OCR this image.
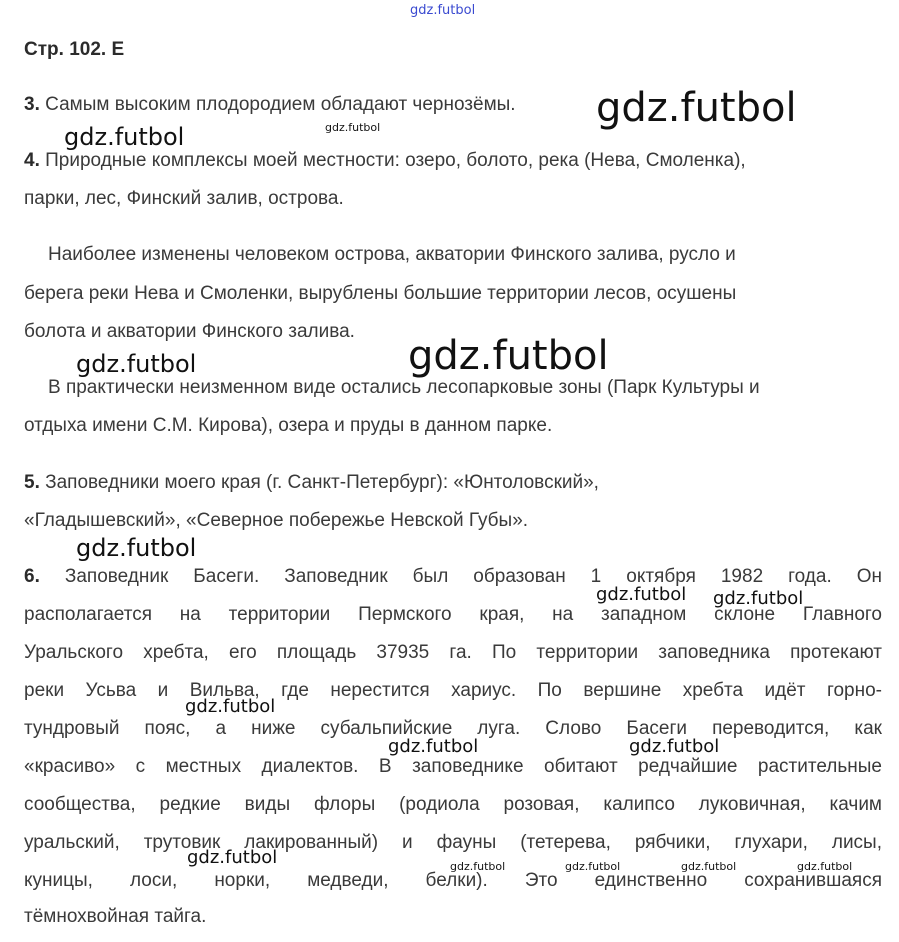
Стр. 102. Е

3. Самым высоким плодородием обладают чернозёмы.

4. Природные комплексы моей местности: озеро, болото, река (Нева, Смоленка),

парки, лес, Финский залив, острова.

Наиболее изменены человеком острова, акватории Финского залива, русло и

берега реки Нева и Смоленки, вырублены большие территории лесов, осушены

болота и акватории Финского залива.

В практически неизменном виде остались лесопарковые зоны (Парк Культуры и

отдыха имени С.М. Кирова), озера и пруды в данном парке.

5. Заповедники моего края (г. Санкт-Петербург): «Юнтоловский»,

«Гладышевский», «Северное побережье Невской Губы».

6. Заповедник Басеги. Заповедник был образован 1 октября 1982 года. Он

располагается на территории Пермского края, на западном склоне Главного

Уральского хребта, его площадь 37935 га. По территории заповедника протекают

реки Усьва и Вильва, где нерестится хариус. По вершине хребта идёт горно-

тундровый пояс, а ниже субальпийские луга. Слово Басеги переводится, как

«красиво» с местных диалектов. В заповеднике обитают редчайшие растительные

сообщества, редкие виды флоры (родиола розовая, калипсо луковичная, качим

уральский, трутовик лакированный) и фауны (тетерева, рябчики, глухари, лисы,

куницы, лоси, норки, медведи, белки). Это единственно сохранившаяся

тёмнохвойная тайга.

gdz.futbol
gdz.futbol
gdz.futbol	gdz.futbol
gdz.futbol
gdz.futbol
gdz.futbol
gdz.futbol gdz.futbol
gdz.futbol
gdz.futbol	gdz.futbol
gdz.futbol	gdz.futbol	gdz.futbol	gdz.futbol	gdz.futbol
